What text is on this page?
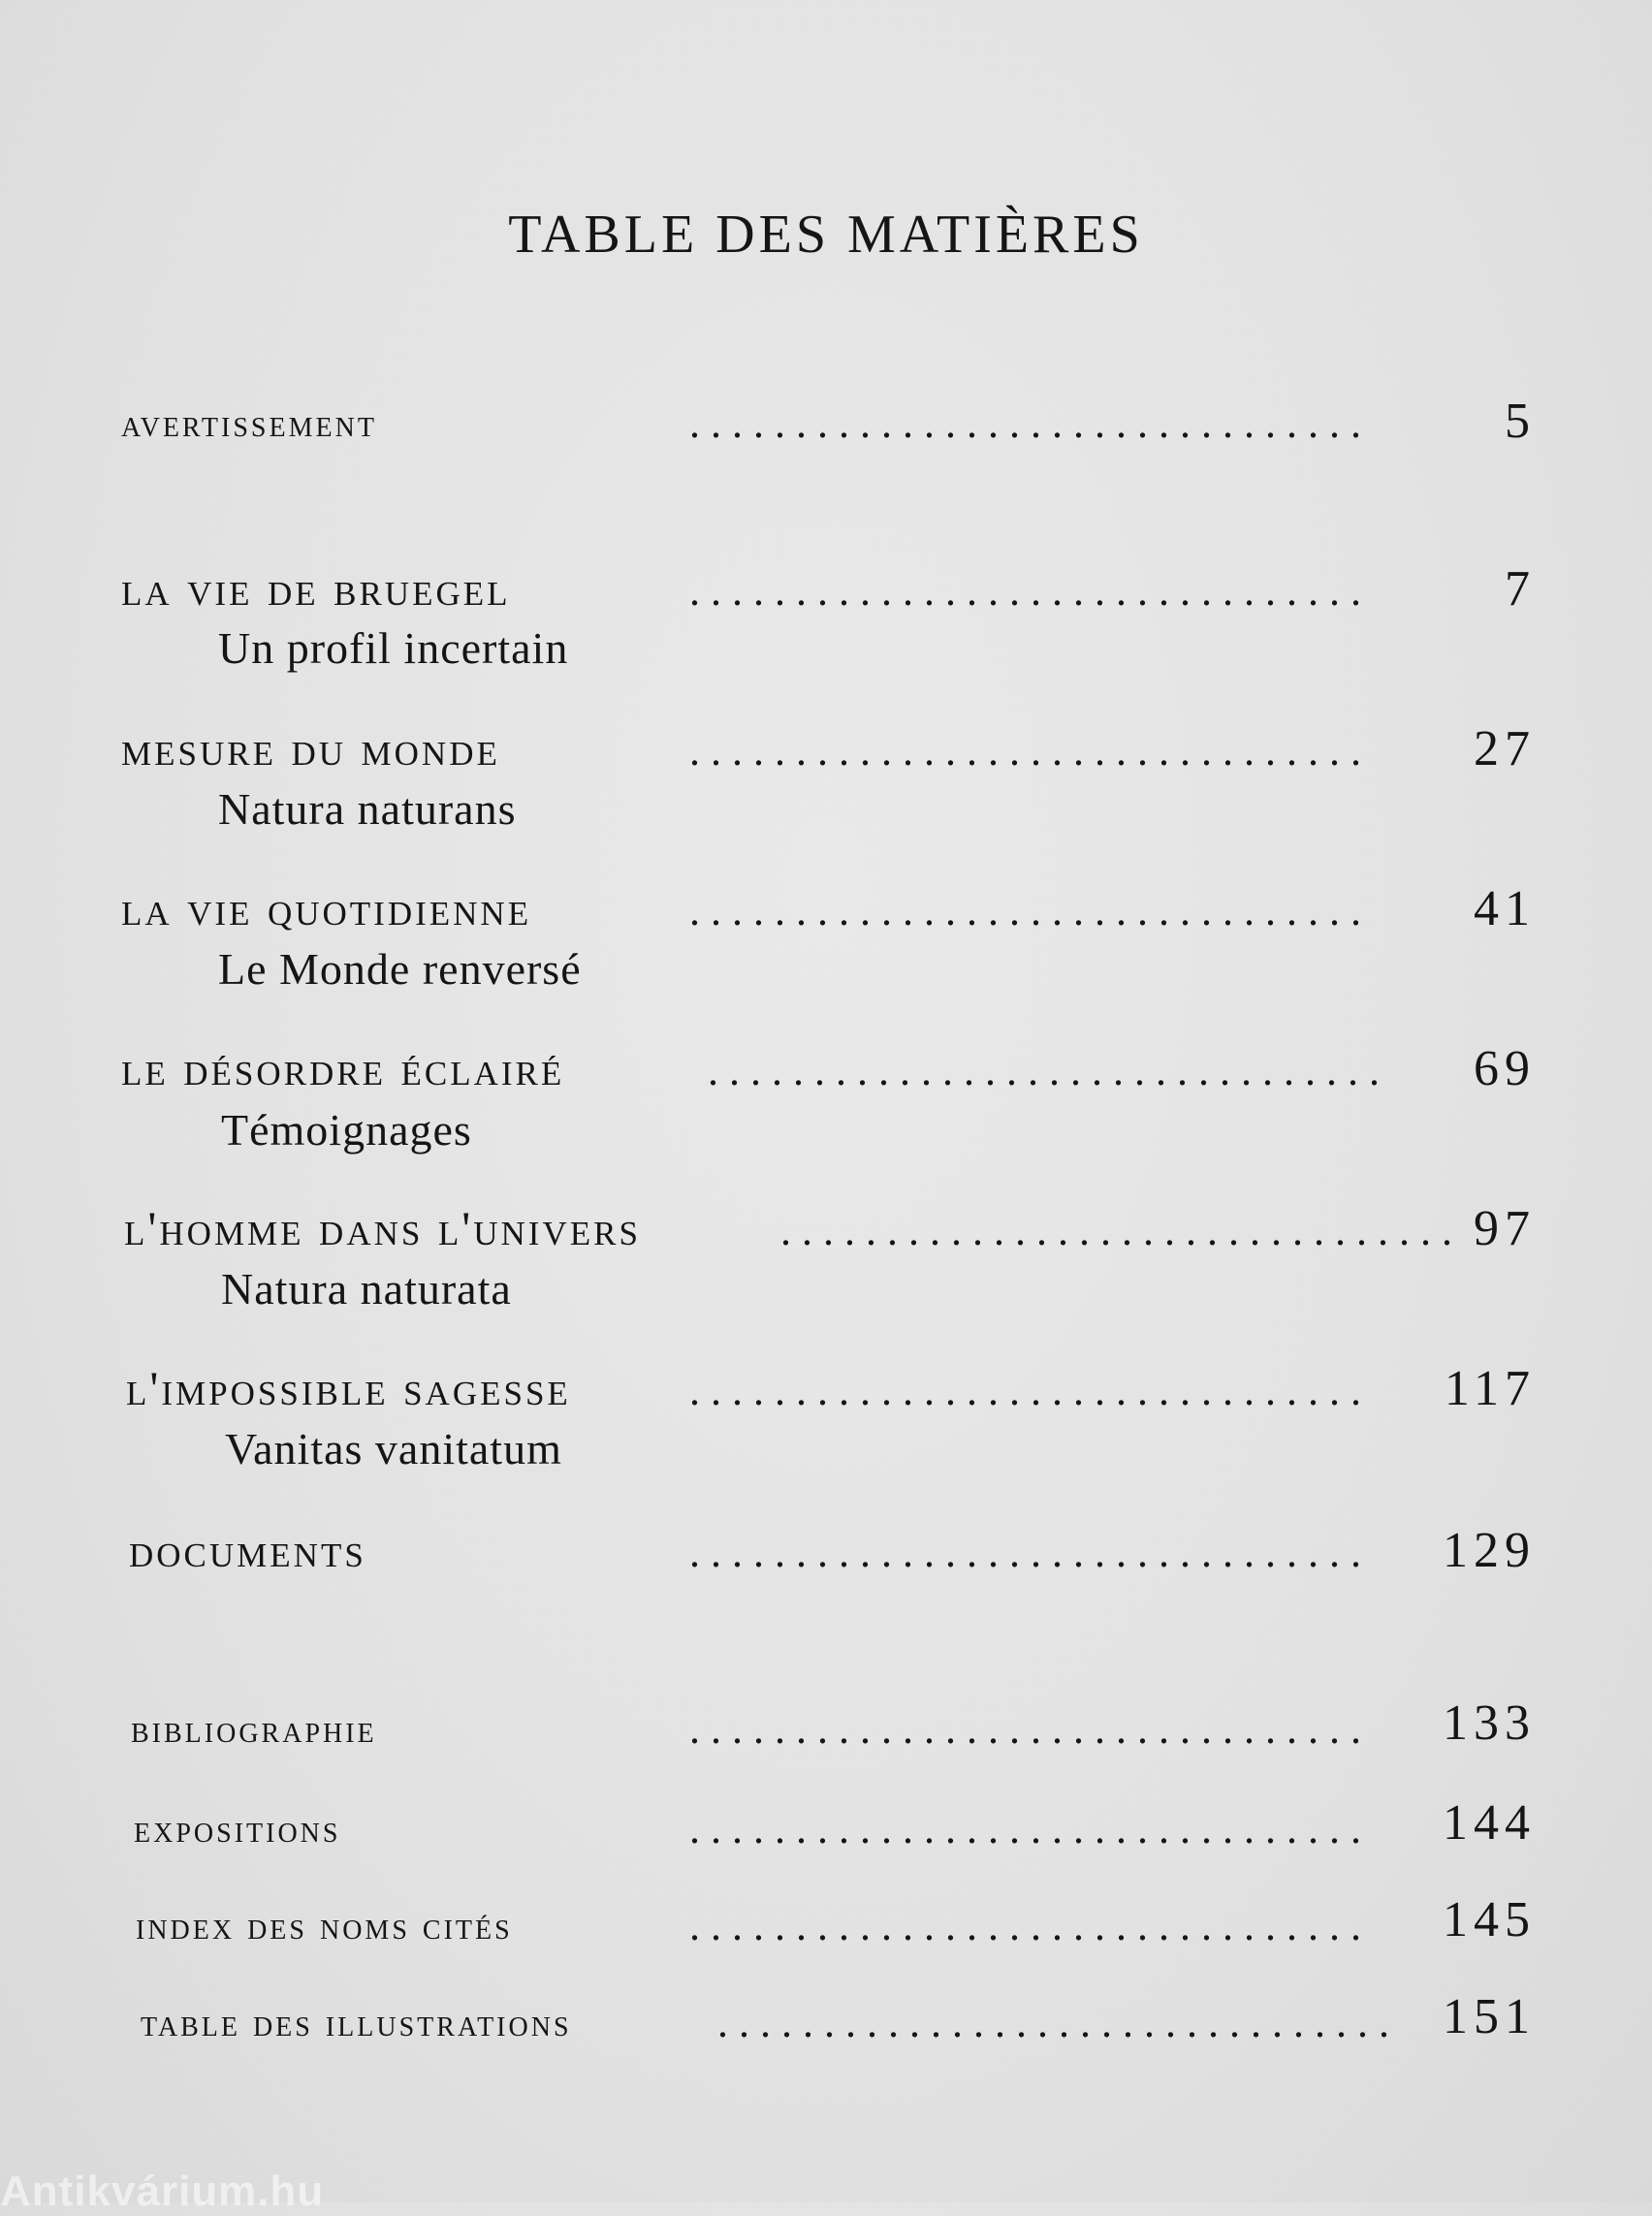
TABLE DES MATIÈRES
avertissement	. . . . . . . . . . . . . . . . . . . . . . . . . . . . . . . .	5
la vie de bruegel	. . . . . . . . . . . . . . . . . . . . . . . . . . . . . . . .	7
Un profil incertain
mesure du monde	. . . . . . . . . . . . . . . . . . . . . . . . . . . . . . . . 27
Natura naturans
la vie quotidienne	. . . . . . . . . . . . . . . . . . . . . . . . . . . . . . . . 41
Le Monde renversé
le désordre éclairé	. . . . . . . . . . . . . . . . . . . . . . . . . . . . . . . . 69
Témoignages
l'homme dans l'univers	. . . . . . . . . . . . . . . . . . . . . . . . . . . . . . . . 97
Natura naturata
l'impossible sagesse	. . . . . . . . . . . . . . . . . . . . . . . . . . . . . . . . 117
Vanitas vanitatum
documents	. . . . . . . . . . . . . . . . . . . . . . . . . . . . . . . . 129
bibliographie	. . . . . . . . . . . . . . . . . . . . . . . . . . . . . . . . 133
expositions	. . . . . . . . . . . . . . . . . . . . . . . . . . . . . . . . 144
index des noms cités	. . . . . . . . . . . . . . . . . . . . . . . . . . . . . . . . 145
table des illustrations	. . . . . . . . . . . . . . . . . . . . . . . . . . . . . . . . 151
Antikvárium.hu
